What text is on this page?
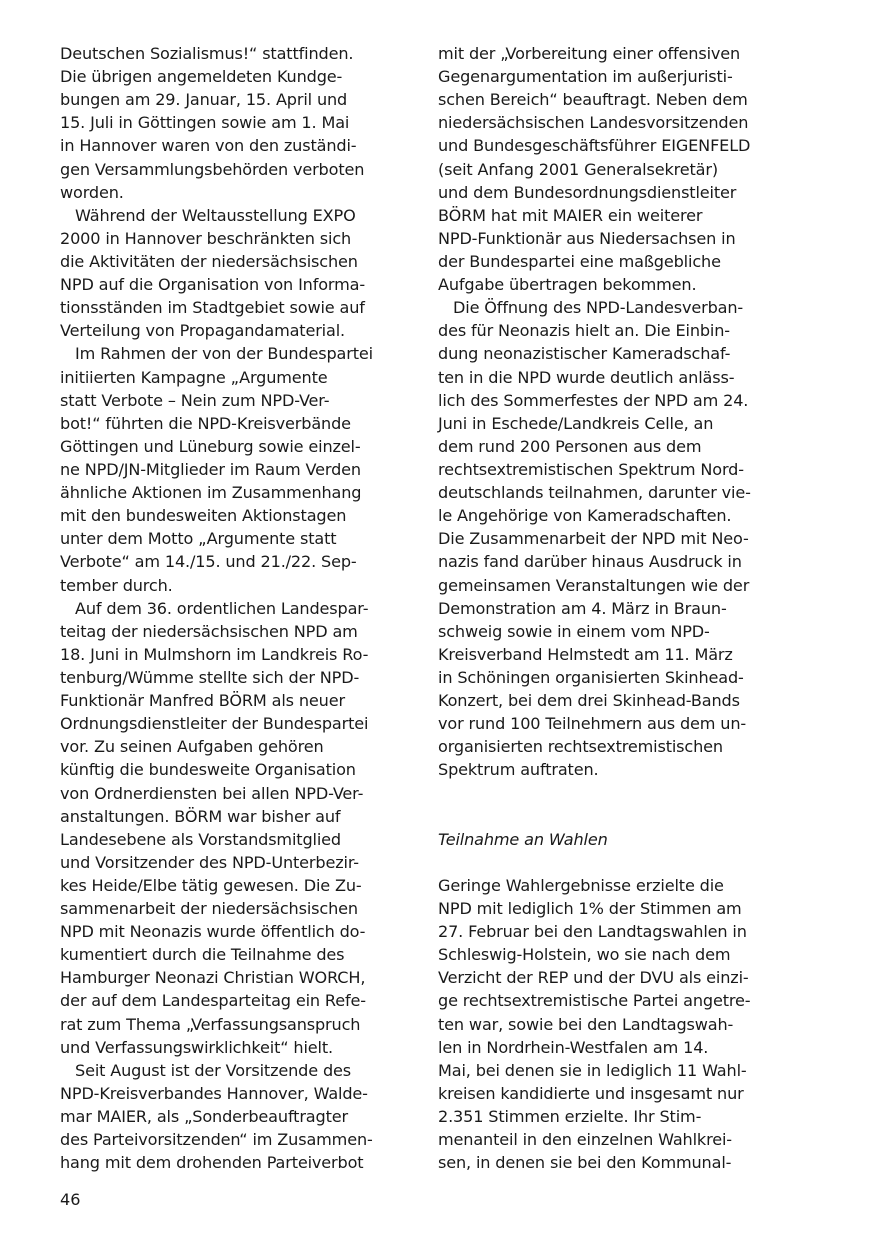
Deutschen Sozialismus!“ stattfinden.
Die übrigen angemeldeten Kundge-
bungen am 29. Januar, 15. April und
15. Juli in Göttingen sowie am 1. Mai
in Hannover waren von den zuständi-
gen Versammlungsbehörden verboten
worden.
Während der Weltausstellung EXPO
2000 in Hannover beschränkten sich
die Aktivitäten der niedersächsischen
NPD auf die Organisation von Informa-
tionsständen im Stadtgebiet sowie auf
Verteilung von Propagandamaterial.
Im Rahmen der von der Bundespartei
initiierten Kampagne „Argumente
statt Verbote – Nein zum NPD-Ver-
bot!“ führten die NPD-Kreisverbände
Göttingen und Lüneburg sowie einzel-
ne NPD/JN-Mitglieder im Raum Verden
ähnliche Aktionen im Zusammenhang
mit den bundesweiten Aktionstagen
unter dem Motto „Argumente statt
Verbote“ am 14./15. und 21./22. Sep-
tember durch.
Auf dem 36. ordentlichen Landespar-
teitag der niedersächsischen NPD am
18. Juni in Mulmshorn im Landkreis Ro-
tenburg/Wümme stellte sich der NPD-
Funktionär Manfred BÖRM als neuer
Ordnungsdienstleiter der Bundespartei
vor. Zu seinen Aufgaben gehören
künftig die bundesweite Organisation
von Ordnerdiensten bei allen NPD-Ver-
anstaltungen. BÖRM war bisher auf
Landesebene als Vorstandsmitglied
und Vorsitzender des NPD-Unterbezir-
kes Heide/Elbe tätig gewesen. Die Zu-
sammenarbeit der niedersächsischen
NPD mit Neonazis wurde öffentlich do-
kumentiert durch die Teilnahme des
Hamburger Neonazi Christian WORCH,
der auf dem Landesparteitag ein Refe-
rat zum Thema „Verfassungsanspruch
und Verfassungswirklichkeit“ hielt.
Seit August ist der Vorsitzende des
NPD-Kreisverbandes Hannover, Walde-
mar MAIER, als „Sonderbeauftragter
des Parteivorsitzenden“ im Zusammen-
hang mit dem drohenden Parteiverbot
mit der „Vorbereitung einer offensiven
Gegenargumentation im außerjuristi-
schen Bereich“ beauftragt. Neben dem
niedersächsischen Landesvorsitzenden
und Bundesgeschäftsführer EIGENFELD
(seit Anfang 2001 Generalsekretär)
und dem Bundesordnungsdienstleiter
BÖRM hat mit MAIER ein weiterer
NPD-Funktionär aus Niedersachsen in
der Bundespartei eine maßgebliche
Aufgabe übertragen bekommen.
Die Öffnung des NPD-Landesverban-
des für Neonazis hielt an. Die Einbin-
dung neonazistischer Kameradschaf-
ten in die NPD wurde deutlich anläss-
lich des Sommerfestes der NPD am 24.
Juni in Eschede/Landkreis Celle, an
dem rund 200 Personen aus dem
rechtsextremistischen Spektrum Nord-
deutschlands teilnahmen, darunter vie-
le Angehörige von Kameradschaften.
Die Zusammenarbeit der NPD mit Neo-
nazis fand darüber hinaus Ausdruck in
gemeinsamen Veranstaltungen wie der
Demonstration am 4. März in Braun-
schweig sowie in einem vom NPD-
Kreisverband Helmstedt am 11. März
in Schöningen organisierten Skinhead-
Konzert, bei dem drei Skinhead-Bands
vor rund 100 Teilnehmern aus dem un-
organisierten rechtsextremistischen
Spektrum auftraten.
Teilnahme an Wahlen
Geringe Wahlergebnisse erzielte die
NPD mit lediglich 1% der Stimmen am
27. Februar bei den Landtagswahlen in
Schleswig-Holstein, wo sie nach dem
Verzicht der REP und der DVU als einzi-
ge rechtsextremistische Partei angetre-
ten war, sowie bei den Landtagswah-
len in Nordrhein-Westfalen am 14.
Mai, bei denen sie in lediglich 11 Wahl-
kreisen kandidierte und insgesamt nur
2.351 Stimmen erzielte. Ihr Stim-
menanteil in den einzelnen Wahlkrei-
sen, in denen sie bei den Kommunal-
46
